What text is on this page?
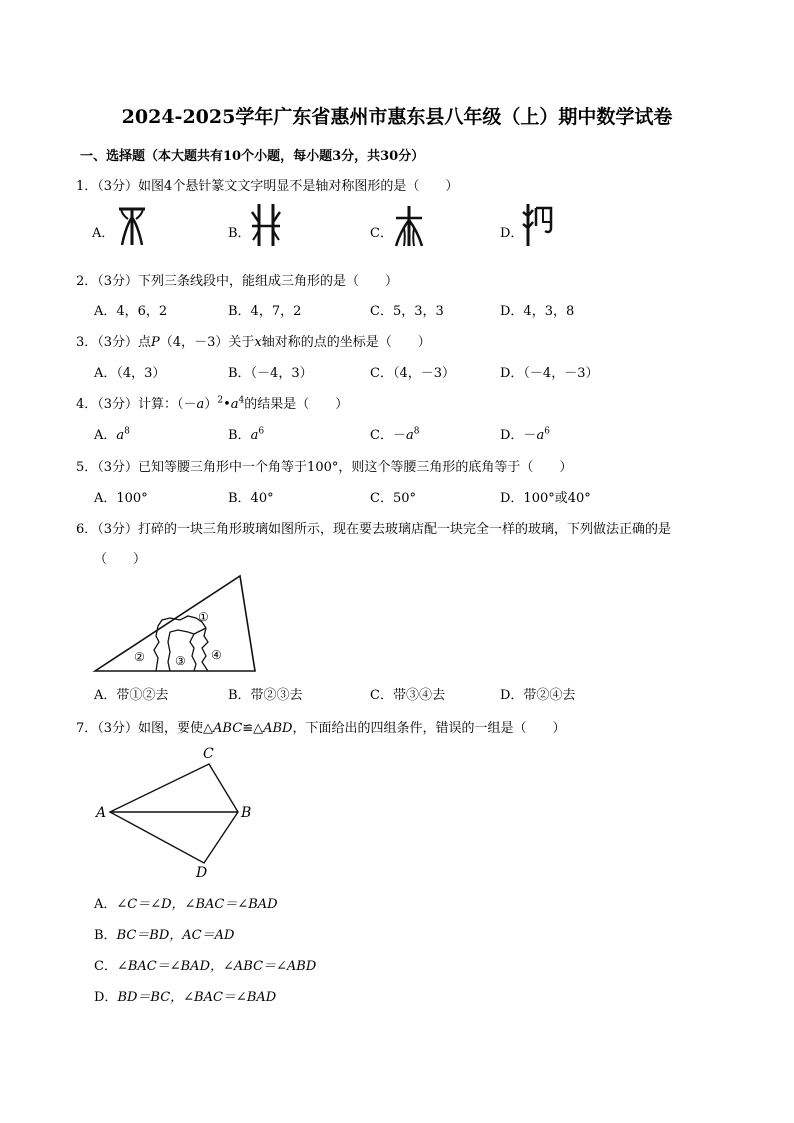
2024-2025学年广东省惠州市惠东县八年级（上）期中数学试卷
一、选择题（本大题共有10个小题，每小题3分，共30分）
1．（3分）如图4个悬针篆文文字明显不是轴对称图形的是（　　）
A．	B．	C．	D．
2．（3分）下列三条线段中，能组成三角形的是（　　）
A．4，6，2	B．4，7，2	C．5，3，3	D．4，3，8
3．（3分）点P（4，－3）关于x轴对称的点的坐标是（　　）
A．（4，3）	B．（－4，3）	C．（4，－3）	D．（－4，－3）
4．（3分）计算：$(-a)^2•a^4$的结果是（　　）
A．$a^8$	B．$a^6$	C．$-a^8$	D．$-a^6$
5．（3分）已知等腰三角形中一个角等于100°，则这个等腰三角形的底角等于（　　）
A．100°	B．40°	C．50°	D．100°或40°
6．（3分）打碎的一块三角形玻璃如图所示，现在要去玻璃店配一块完全一样的玻璃，下列做法正确的是
（　　）
①
②	③ ④
A．带①②去	B．带②③去	C．带③④去	D．带②④去
7．（3分）如图，要使△ABC≌△ABD，下面给出的四组条件，错误的一组是（　　）
C
A	B
D
A．∠C＝∠D，∠BAC＝∠BAD
B．BC＝BD，AC＝AD
C．∠BAC＝∠BAD，∠ABC＝∠ABD
D．BD＝BC，∠BAC＝∠BAD
